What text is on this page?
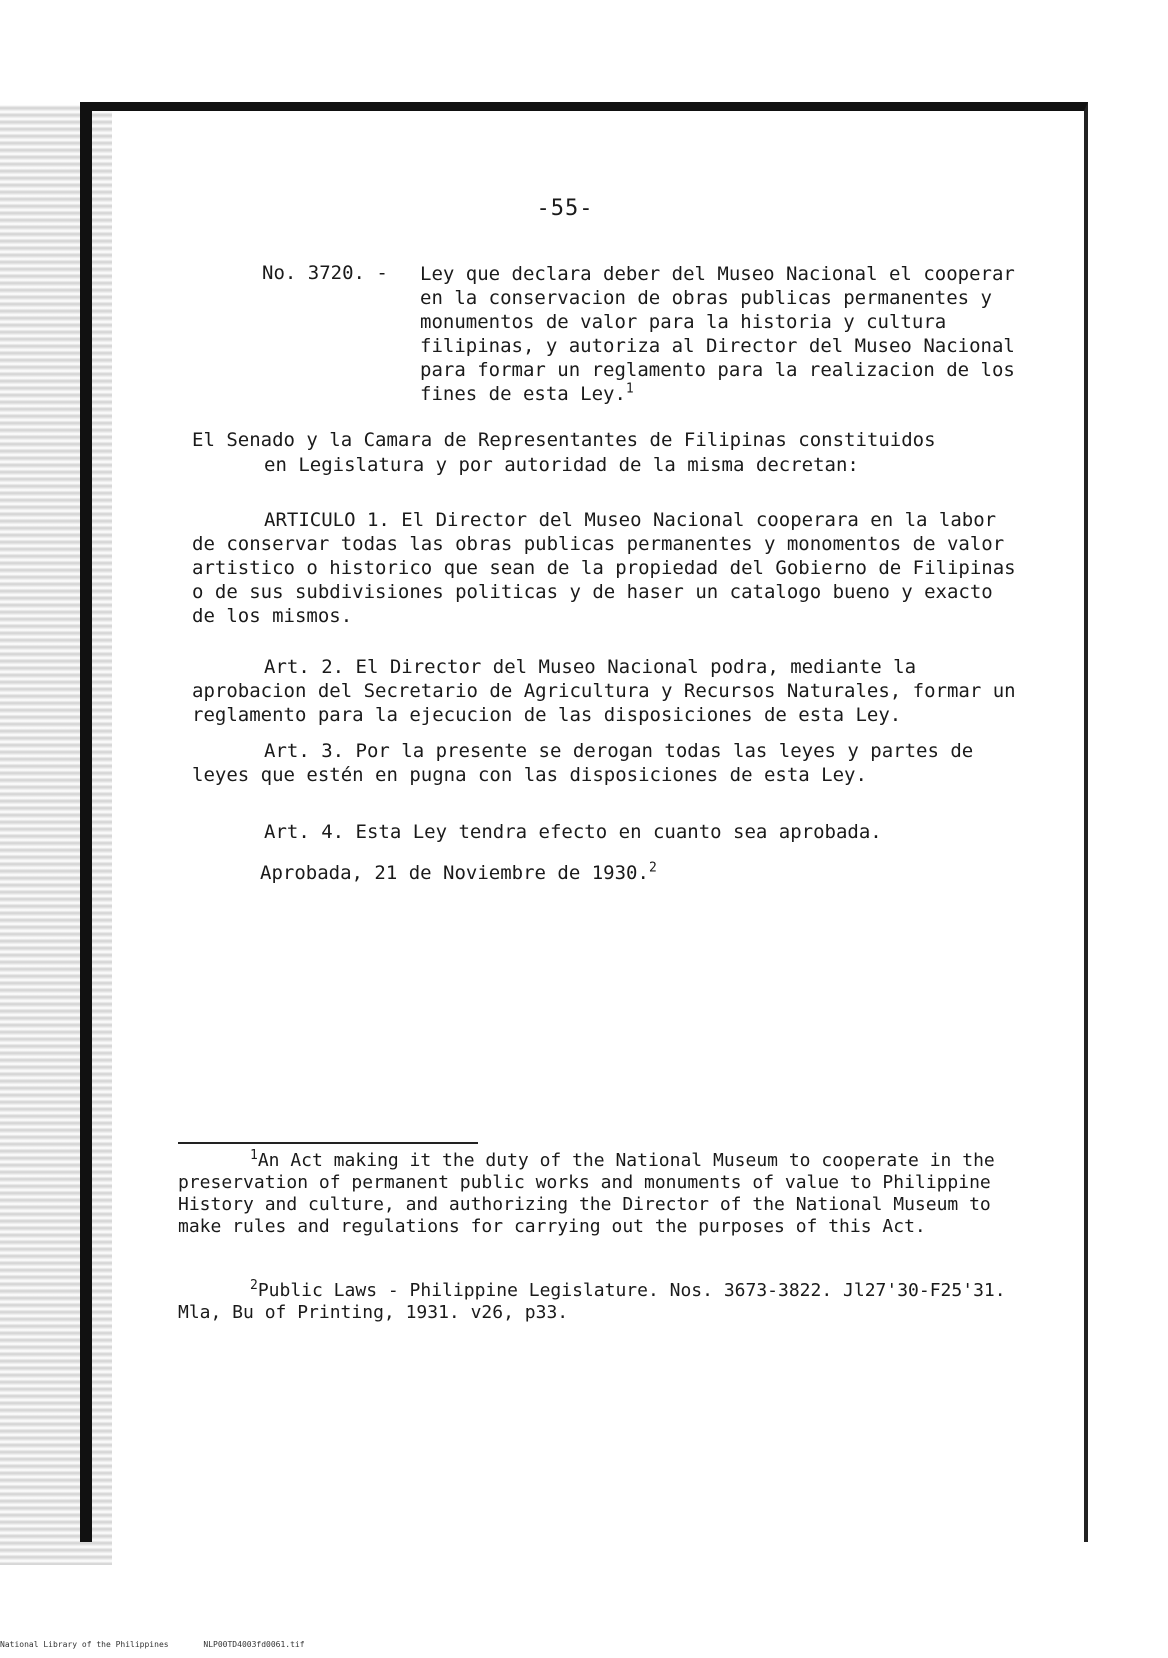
-55-
No. 3720. - Ley que declara deber del Museo Nacional el cooperar en la conservacion de obras publicas permanentes y monumentos de valor para la historia y cultura filipinas, y autoriza al Director del Museo Nacional para formar un reglamento para la realizacion de los fines de esta Ley.$^1$
El Senado y la Camara de Representantes de Filipinas constituidos
en Legislatura y por autoridad de la misma decretan:
ARTICULO 1. El Director del Museo Nacional cooperara en la labor de conservar todas las obras publicas permanentes y monomentos de valor artistico o historico que sean de la propiedad del Gobierno de Filipinas o de sus subdivisiones politicas y de haser un catalogo bueno y exacto de los mismos.
Art. 2. El Director del Museo Nacional podra, mediante la aprobacion del Secretario de Agricultura y Recursos Naturales, formar un reglamento para la ejecucion de las disposiciones de esta Ley.
Art. 3. Por la presente se derogan todas las leyes y partes de leyes que estén en pugna con las disposiciones de esta Ley.
Art. 4. Esta Ley tendra efecto en cuanto sea aprobada.
Aprobada, 21 de Noviembre de 1930.$^2$
$^1$An Act making it the duty of the National Museum to cooperate in the preservation of permanent public works and monuments of value to Philippine History and culture, and authorizing the Director of the National Museum to make rules and regulations for carrying out the purposes of this Act.
$^2$Public Laws - Philippine Legislature. Nos. 3673-3822. Jl27'30-F25'31. Mla, Bu of Printing, 1931. v26, p33.
National Library of the Philippines	NLP00TD4003fd0061.tif
